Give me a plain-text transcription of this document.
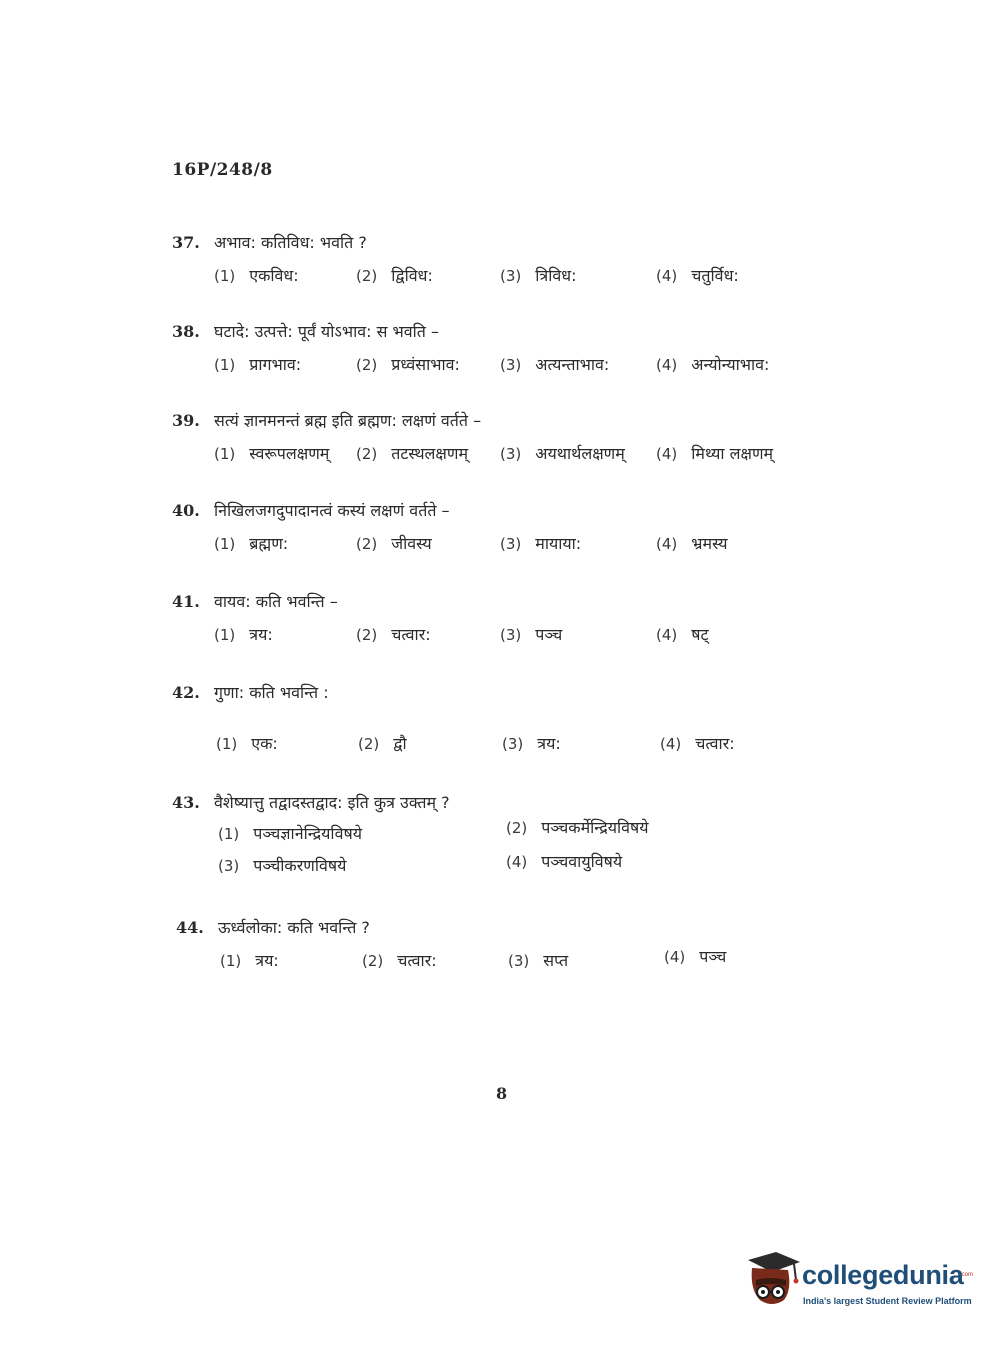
16P/248/8
37. अभाव: कतिविध: भवति ?
(1) एकविध:	(2) द्विविध:	(3) त्रिविध:	(4) चतुर्विध:
38. घटादे: उत्पत्ते: पूर्वं योऽभाव: स भवति –
(1) प्रागभाव:	(2) प्रध्वंसाभाव:	(3) अत्यन्ताभाव:	(4) अन्योन्याभाव:
39. सत्यं ज्ञानमनन्तं ब्रह्म इति ब्रह्मण: लक्षणं वर्तते –
(1) स्वरूपलक्षणम् (2) तटस्थलक्षणम् (3) अयथार्थलक्षणम् (4) मिथ्या लक्षणम्
40. निखिलजगदुपादानत्वं कस्यं लक्षणं वर्तते –
(1) ब्रह्मण:	(2) जीवस्य	(3) मायाया:	(4) भ्रमस्य
41. वायव: कति भवन्ति –
(1) त्रय:	(2) चत्वार:	(3) पञ्च	(4) षट्
42. गुणा: कति भवन्ति :
(1) एक:	(2) द्वौ	(3) त्रय:	(4) चत्वार:
43. वैशेष्यात्तु तद्वादस्तद्वाद: इति कुत्र उक्तम् ?
(1) पञ्चज्ञानेन्द्रियविषये	(2) पञ्चकर्मेन्द्रियविषये
(3) पञ्चीकरणविषये	(4) पञ्चवायुविषये
44. ऊर्ध्वलोका: कति भवन्ति ?
(1) त्रय:	(2) चत्वार:	(3) सप्त	(4) पञ्च
8
collegedunia
.com
India's largest Student Review Platform
